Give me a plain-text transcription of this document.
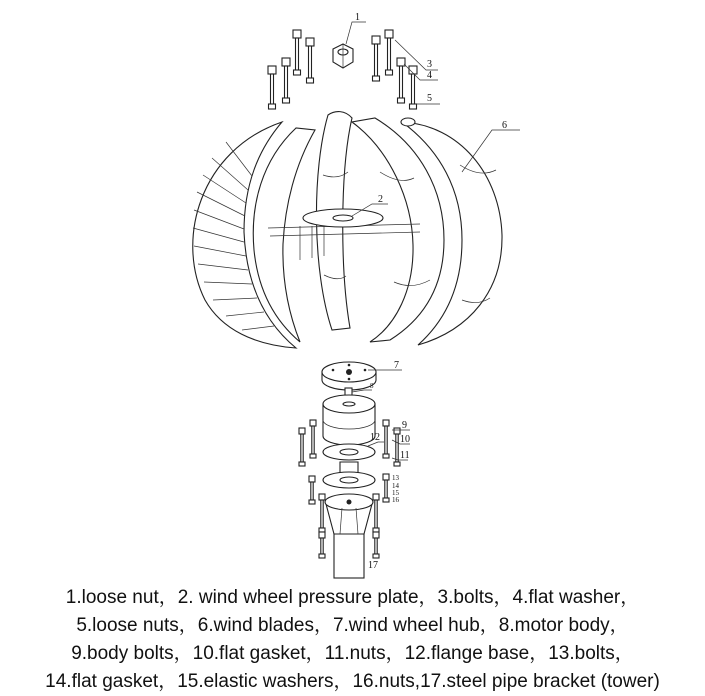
1
2
3
4
5
6
7
8
9
10
11
12
13
14
15
16
17
1.loose nut，2. wind wheel pressure plate，3.bolts，4.flat washer，
5.loose nuts，6.wind blades，7.wind wheel hub，8.motor body，
9.body bolts，10.flat gasket，11.nuts，12.flange base，13.bolts，
14.flat gasket，15.elastic washers，16.nuts,17.steel pipe bracket (tower)
